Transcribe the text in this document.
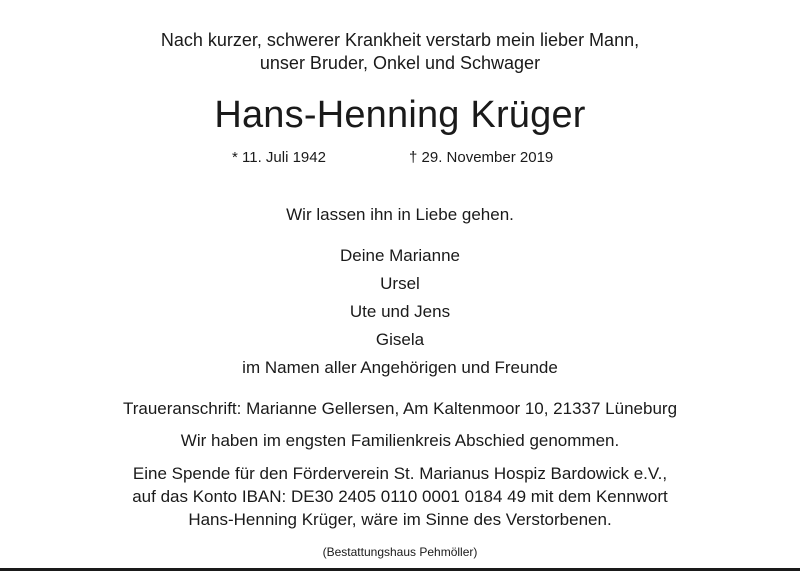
Nach kurzer, schwerer Krankheit verstarb mein lieber Mann,
unser Bruder, Onkel und Schwager
Hans-Henning Krüger
* 11. Juli 1942	† 29. November 2019
Wir lassen ihn in Liebe gehen.
Deine Marianne
Ursel
Ute und Jens
Gisela
im Namen aller Angehörigen und Freunde
Traueranschrift: Marianne Gellersen, Am Kaltenmoor 10, 21337 Lüneburg
Wir haben im engsten Familienkreis Abschied genommen.
Eine Spende für den Förderverein St. Marianus Hospiz Bardowick e.V.,
auf das Konto IBAN: DE30 2405 0110 0001 0184 49 mit dem Kennwort
Hans-Henning Krüger, wäre im Sinne des Verstorbenen.
(Bestattungshaus Pehmöller)
